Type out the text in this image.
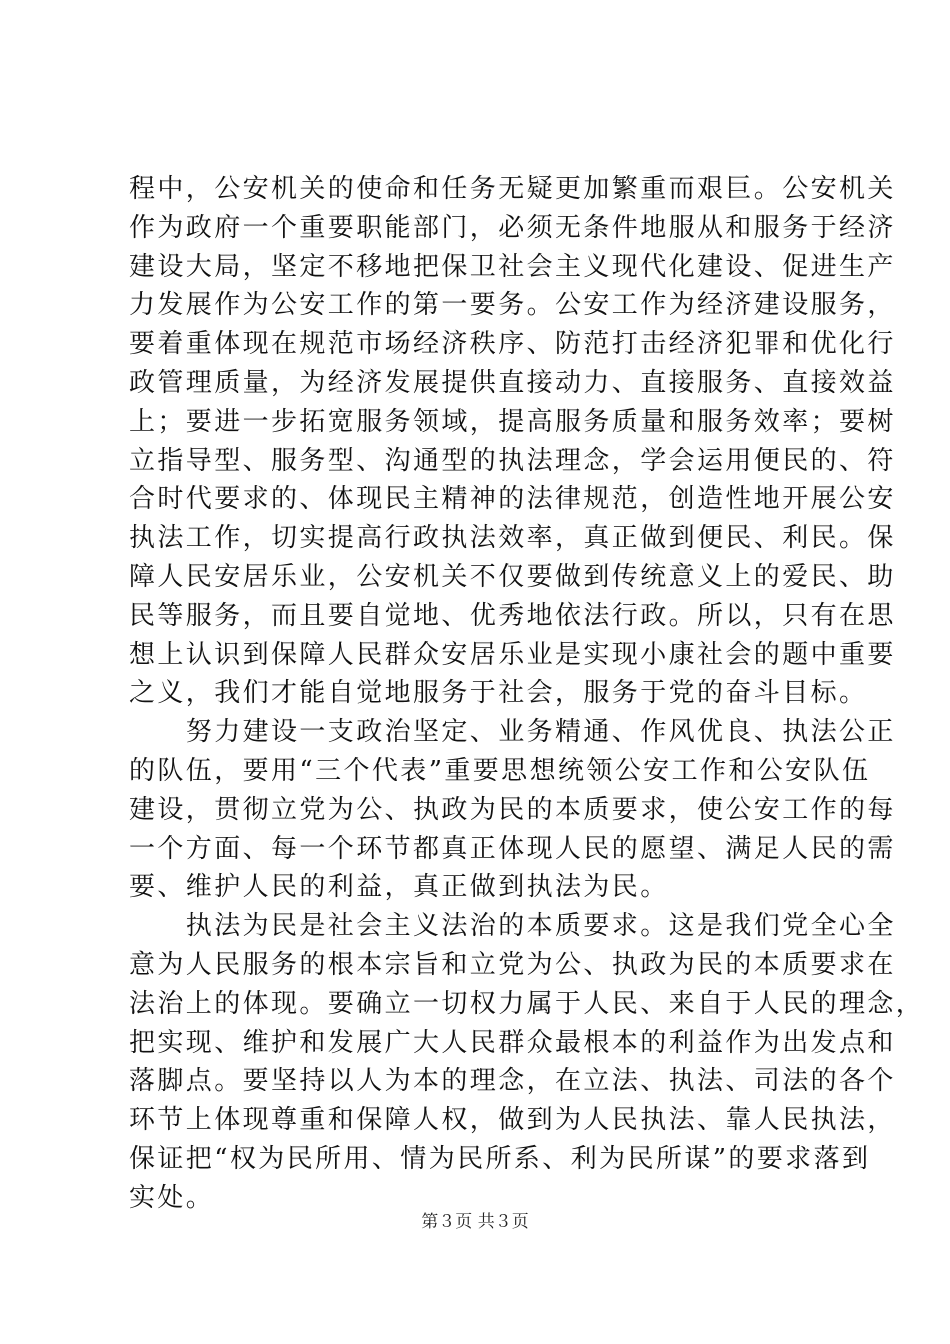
程中，公安机关的使命和任务无疑更加繁重而艰巨。公安机关
作为政府一个重要职能部门，必须无条件地服从和服务于经济
建设大局，坚定不移地把保卫社会主义现代化建设、促进生产
力发展作为公安工作的第一要务。公安工作为经济建设服务，
要着重体现在规范市场经济秩序、防范打击经济犯罪和优化行
政管理质量，为经济发展提供直接动力、直接服务、直接效益
上；要进一步拓宽服务领域，提高服务质量和服务效率；要树
立指导型、服务型、沟通型的执法理念，学会运用便民的、符
合时代要求的、体现民主精神的法律规范，创造性地开展公安
执法工作，切实提高行政执法效率，真正做到便民、利民。保
障人民安居乐业，公安机关不仅要做到传统意义上的爱民、助
民等服务，而且要自觉地、优秀地依法行政。所以，只有在思
想上认识到保障人民群众安居乐业是实现小康社会的题中重要
之义，我们才能自觉地服务于社会，服务于党的奋斗目标。
　　努力建设一支政治坚定、业务精通、作风优良、执法公正
的队伍，要用“三个代表”重要思想统领公安工作和公安队伍
建设，贯彻立党为公、执政为民的本质要求，使公安工作的每
一个方面、每一个环节都真正体现人民的愿望、满足人民的需
要、维护人民的利益，真正做到执法为民。
　　执法为民是社会主义法治的本质要求。这是我们党全心全
意为人民服务的根本宗旨和立党为公、执政为民的本质要求在
法治上的体现。要确立一切权力属于人民、来自于人民的理念，
把实现、维护和发展广大人民群众最根本的利益作为出发点和
落脚点。要坚持以人为本的理念，在立法、执法、司法的各个
环节上体现尊重和保障人权，做到为人民执法、靠人民执法，
保证把“权为民所用、情为民所系、利为民所谋”的要求落到
实处。
第３页 共３页
